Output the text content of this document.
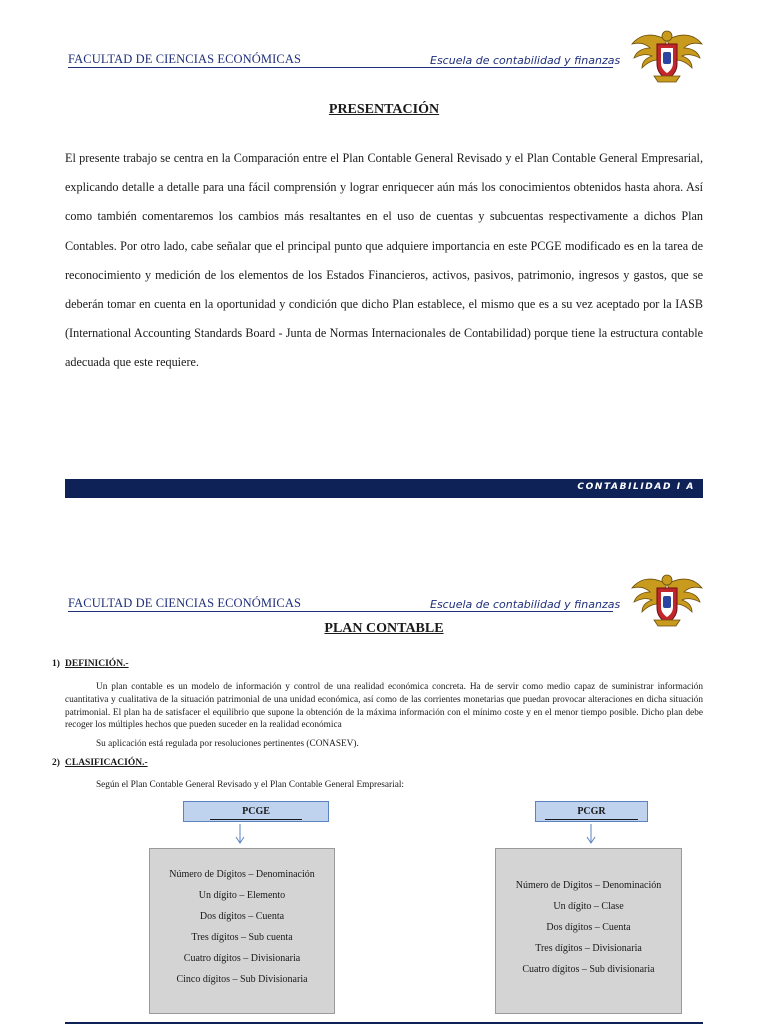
FACULTAD DE CIENCIAS ECONÓMICAS	Escuela de contabilidad y finanzas
PRESENTACIÓN

El presente trabajo se centra en la Comparación entre el Plan Contable General Revisado y el Plan Contable General Empresarial, explicando detalle a detalle para una fácil comprensión y lograr enriquecer aún más los conocimientos obtenidos hasta ahora. Así como también comentaremos los cambios más resaltantes en el uso de cuentas y subcuentas respectivamente a dichos Plan Contables. Por otro lado, cabe señalar que el principal punto que adquiere importancia en este PCGE modificado es en la tarea de reconocimiento y medición de los elementos de los Estados Financieros, activos, pasivos, patrimonio, ingresos y gastos, que se deberán tomar en cuenta en la oportunidad y condición que dicho Plan establece, el mismo que es a su vez aceptado por la IASB (International Accounting Standards Board - Junta de Normas Internacionales de Contabilidad) porque tiene la estructura contable adecuada que este requiere.

CONTABILIDAD I A
FACULTAD DE CIENCIAS ECONÓMICAS	Escuela de contabilidad y finanzas
PLAN CONTABLE
1) DEFINICIÓN.-

Un plan contable es un modelo de información y control de una realidad económica concreta. Ha de servir como medio capaz de suministrar información cuantitativa y cualitativa de la situación patrimonial de una unidad económica, así como de las corrientes monetarias que puedan provocar alteraciones en dicha situación patrimonial. El plan ha de satisfacer el equilibrio que supone la obtención de la máxima información con el mínimo coste y en el menor tiempo posible. Dicho plan debe recoger los múltiples hechos que pueden suceder en la realidad económica

Su aplicación está regulada por resoluciones pertinentes (CONASEV).
2) CLASIFICACIÓN.-
Según el Plan Contable General Revisado y el Plan Contable General Empresarial:
PCGE
Número de Dígitos – Denominación
Un dígito – Elemento
Dos dígitos – Cuenta
Tres dígitos – Sub cuenta
Cuatro dígitos – Divisionaria
Cinco dígitos – Sub Divisionaria
PCGR
Número de Dígitos – Denominación
Un dígito – Clase
Dos dígitos – Cuenta
Tres dígitos – Divisionaria
Cuatro dígitos – Sub divisionaria
